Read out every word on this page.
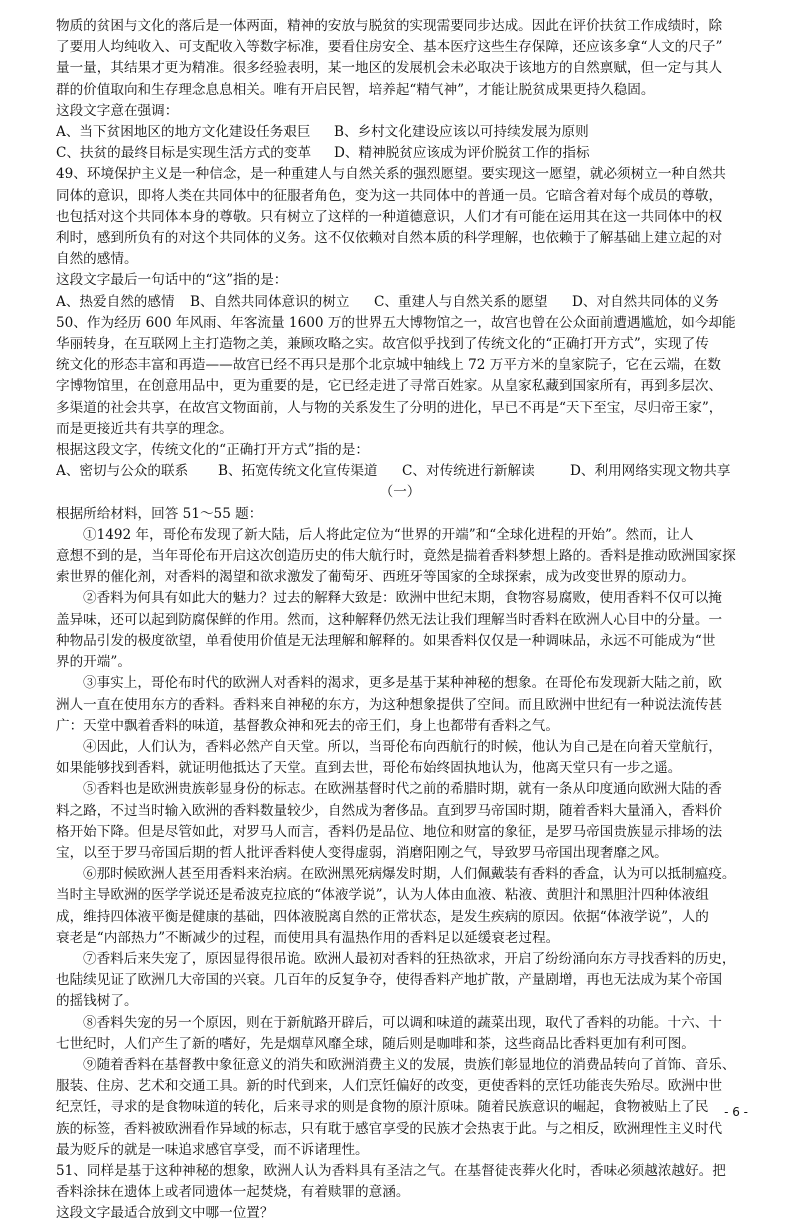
物质的贫困与文化的落后是一体两面，精神的安放与脱贫的实现需要同步达成。因此在评价扶贫工作成绩时，除
了要用人均纯收入、可支配收入等数字标准，要看住房安全、基本医疗这些生存保障，还应该多拿“人文的尺子”
量一量，其结果才更为精准。很多经验表明，某一地区的发展机会未必取决于该地方的自然禀赋，但一定与其人
群的价值取向和生存理念息息相关。唯有开启民智，培养起“精气神”，才能让脱贫成果更持久稳固。
这段文字意在强调：
A、当下贫困地区的地方文化建设任务艰巨 B、乡村文化建设应该以可持续发展为原则
C、扶贫的最终目标是实现生活方式的变革 D、精神脱贫应该成为评价脱贫工作的指标
49、环境保护主义是一种信念，是一种重建人与自然关系的强烈愿望。要实现这一愿望，就必须树立一种自然共
同体的意识，即将人类在共同体中的征服者角色，变为这一共同体中的普通一员。它暗含着对每个成员的尊敬，
也包括对这个共同体本身的尊敬。只有树立了这样的一种道德意识，人们才有可能在运用其在这一共同体中的权
利时，感到所负有的对这个共同体的义务。这不仅依赖对自然本质的科学理解，也依赖于了解基础上建立起的对
自然的感情。
这段文字最后一句话中的“这”指的是：
A、热爱自然的感情 B、自然共同体意识的树立 C、重建人与自然关系的愿望 D、对自然共同体的义务
50、作为经历 600 年风雨、年客流量 1600 万的世界五大博物馆之一，故宫也曾在公众面前遭遇尴尬，如今却能
华丽转身，在互联网上主打造物之美，兼顾攻略之实。故宫似乎找到了传统文化的“正确打开方式”，实现了传
统文化的形态丰富和再造——故宫已经不再只是那个北京城中轴线上 72 万平方米的皇家院子，它在云端，在数
字博物馆里，在创意用品中，更为重要的是，它已经走进了寻常百姓家。从皇家私藏到国家所有，再到多层次、
多渠道的社会共享，在故宫文物面前，人与物的关系发生了分明的进化，早已不再是“天下至宝，尽归帝王家”，
而是更接近共有共享的理念。
根据这段文字，传统文化的“正确打开方式”指的是：
A、密切与公众的联系 B、拓宽传统文化宣传渠道 C、对传统进行新解读	D、利用网络实现文物共享
（一）
根据所给材料，回答 51～55 题：
①1492 年，哥伦布发现了新大陆，后人将此定位为“世界的开端”和“全球化进程的开始”。然而，让人
意想不到的是，当年哥伦布开启这次创造历史的伟大航行时，竟然是揣着香料梦想上路的。香料是推动欧洲国家探
索世界的催化剂，对香料的渴望和欲求激发了葡萄牙、西班牙等国家的全球探索，成为改变世界的原动力。
②香料为何具有如此大的魅力？过去的解释大致是：欧洲中世纪末期，食物容易腐败，使用香料不仅可以掩
盖异味，还可以起到防腐保鲜的作用。然而，这种解释仍然无法让我们理解当时香料在欧洲人心目中的分量。一
种物品引发的极度欲望，单看使用价值是无法理解和解释的。如果香料仅仅是一种调味品，永远不可能成为“世
界的开端”。
③事实上，哥伦布时代的欧洲人对香料的渴求，更多是基于某种神秘的想象。在哥伦布发现新大陆之前，欧
洲人一直在使用东方的香料。香料来自神秘的东方，为这种想象提供了空间。而且欧洲中世纪有一种说法流传甚
广：天堂中飘着香料的味道，基督教众神和死去的帝王们，身上也都带有香料之气。
④因此，人们认为，香料必然产自天堂。所以，当哥伦布向西航行的时候，他认为自己是在向着天堂航行，
如果能够找到香料，就证明他抵达了天堂。直到去世，哥伦布始终固执地认为，他离天堂只有一步之遥。
⑤香料也是欧洲贵族彰显身份的标志。在欧洲基督时代之前的希腊时期，就有一条从印度通向欧洲大陆的香
料之路，不过当时输入欧洲的香料数量较少，自然成为奢侈品。直到罗马帝国时期，随着香料大量涌入，香料价
格开始下降。但是尽管如此，对罗马人而言，香料仍是品位、地位和财富的象征，是罗马帝国贵族显示排场的法
宝，以至于罗马帝国后期的哲人批评香料使人变得虚弱，消磨阳刚之气，导致罗马帝国出现奢靡之风。
⑥那时候欧洲人甚至用香料来治病。在欧洲黑死病爆发时期，人们佩戴装有香料的香盒，认为可以抵制瘟疫。
当时主导欧洲的医学学说还是希波克拉底的“体液学说”，认为人体由血液、粘液、黄胆汁和黑胆汁四种体液组
成，维持四体液平衡是健康的基础，四体液脱离自然的正常状态，是发生疾病的原因。依据“体液学说”，人的
衰老是“内部热力”不断减少的过程，而使用具有温热作用的香料足以延缓衰老过程。
⑦香料后来失宠了，原因显得很吊诡。欧洲人最初对香料的狂热欲求，开启了纷纷涌向东方寻找香料的历史，
也陆续见证了欧洲几大帝国的兴衰。几百年的反复争夺，使得香料产地扩散，产量剧增，再也无法成为某个帝国
的摇钱树了。
⑧香料失宠的另一个原因，则在于新航路开辟后，可以调和味道的蔬菜出现，取代了香料的功能。十六、十
七世纪时，人们产生了新的嗜好，先是烟草风靡全球，随后则是咖啡和茶，这些商品比香料更加有利可图。
⑨随着香料在基督教中象征意义的消失和欧洲消费主义的发展，贵族们彰显地位的消费品转向了首饰、音乐、
服装、住房、艺术和交通工具。新的时代到来，人们烹饪偏好的改变，更使香料的烹饪功能丧失殆尽。欧洲中世
纪烹饪，寻求的是食物味道的转化，后来寻求的则是食物的原汁原味。随着民族意识的崛起，食物被贴上了民
族的标签，香料被欧洲看作异域的标志，只有耽于感官享受的民族才会热衷于此。与之相反，欧洲理性主义时代
最为贬斥的就是一味追求感官享受，而不诉诸理性。
51、同样是基于这种神秘的想象，欧洲人认为香料具有圣洁之气。在基督徒丧葬火化时，香味必须越浓越好。把
香料涂抹在遗体上或者同遗体一起焚烧，有着赎罪的意涵。
这段文字最适合放到文中哪一位置？
- 6 -
